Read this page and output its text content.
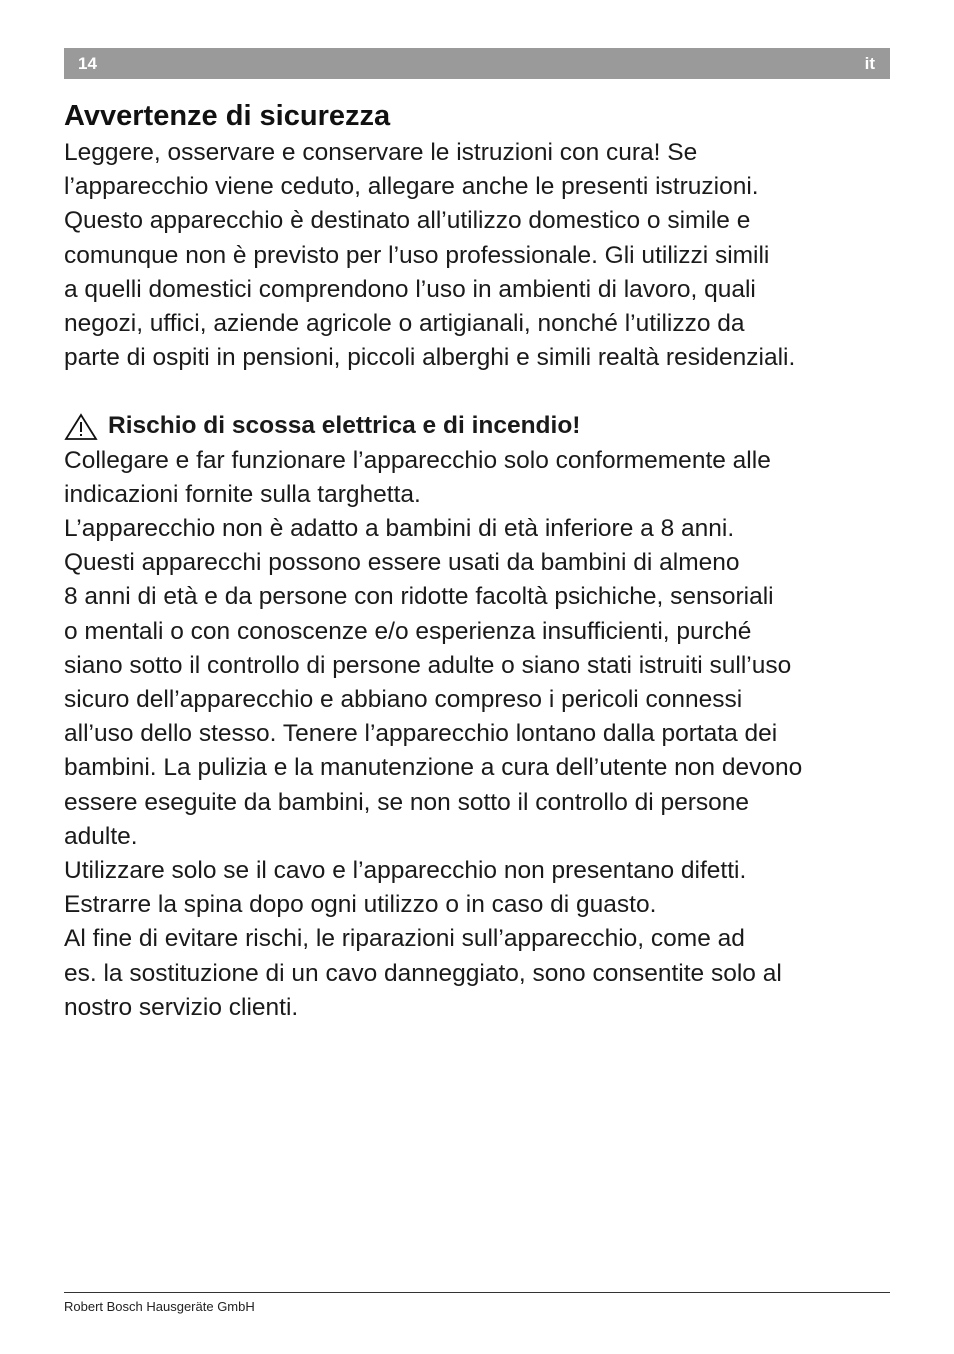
14	it
Avvertenze di sicurezza

Leggere, osservare e conservare le istruzioni con cura! Se
l’apparecchio viene ceduto, allegare anche le presenti istruzioni.
Questo apparecchio è destinato all’utilizzo domestico o simile e
comunque non è previsto per l’uso professionale. Gli utilizzi simili
a quelli domestici comprendono l’uso in ambienti di lavoro, quali
negozi, uffici, aziende agricole o artigianali, nonché l’utilizzo da
parte di ospiti in pensioni, piccoli alberghi e simili realtà residenziali.

Rischio di scossa elettrica e di incendio!

Collegare e far funzionare l’apparecchio solo conformemente alle
indicazioni fornite sulla targhetta.
L’apparecchio non è adatto a bambini di età inferiore a 8 anni.
Questi apparecchi possono essere usati da bambini di almeno
8 anni di età e da persone con ridotte facoltà psichiche, sensoriali
o mentali o con conoscenze e/o esperienza insufficienti, purché
siano sotto il controllo di persone adulte o siano stati istruiti sull’uso
sicuro dell’apparecchio e abbiano compreso i pericoli connessi
all’uso dello stesso. Tenere l’apparecchio lontano dalla portata dei
bambini. La pulizia e la manutenzione a cura dell’utente non devono
essere eseguite da bambini, se non sotto il controllo di persone
adulte.
Utilizzare solo se il cavo e l’apparecchio non presentano difetti.
Estrarre la spina dopo ogni utilizzo o in caso di guasto.
Al fine di evitare rischi, le riparazioni sull’apparecchio, come ad
es. la sostituzione di un cavo danneggiato, sono consentite solo al
nostro servizio clienti.

Robert Bosch Hausgeräte GmbH
